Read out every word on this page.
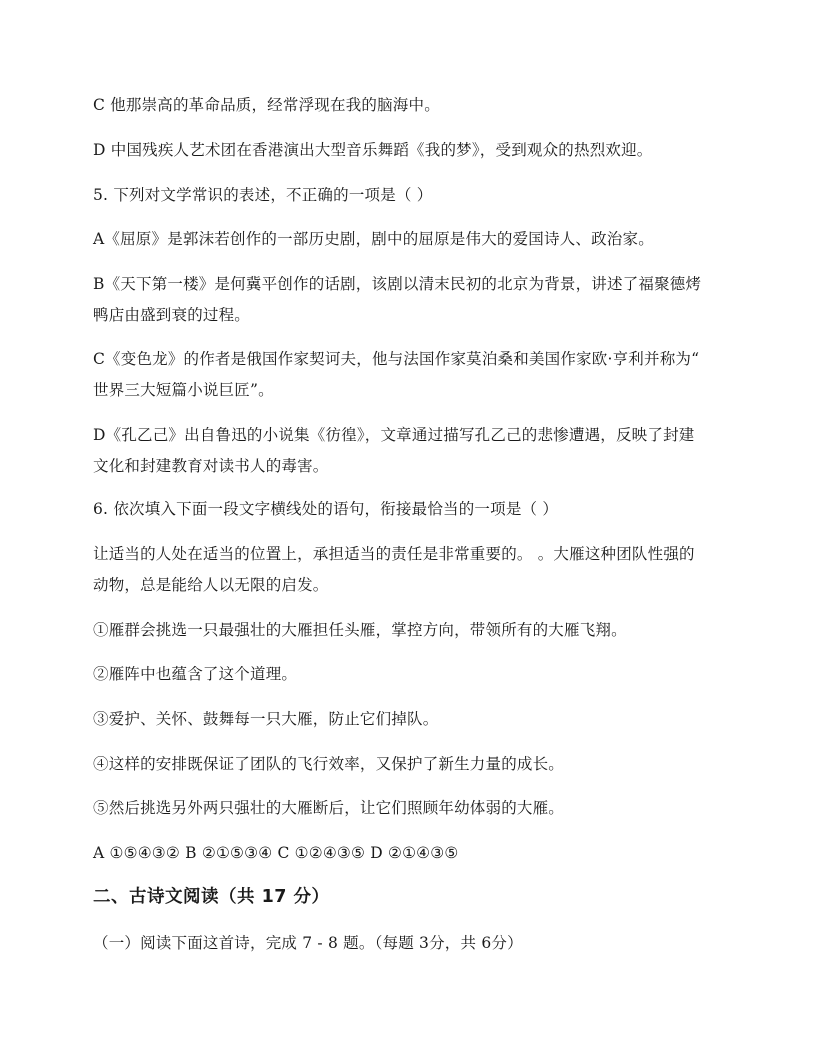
C 他那崇高的革命品质，经常浮现在我的脑海中。
D 中国残疾人艺术团在香港演出大型音乐舞蹈《我的梦》，受到观众的热烈欢迎。
5. 下列对文学常识的表述，不正确的一项是（ ）
A《屈原》是郭沫若创作的一部历史剧，剧中的屈原是伟大的爱国诗人、政治家。
B《天下第一楼》是何冀平创作的话剧，该剧以清末民初的北京为背景，讲述了福聚德烤
鸭店由盛到衰的过程。
C《变色龙》的作者是俄国作家契诃夫，他与法国作家莫泊桑和美国作家欧·亨利并称为“
世界三大短篇小说巨匠”。
D《孔乙己》出自鲁迅的小说集《彷徨》，文章通过描写孔乙己的悲惨遭遇，反映了封建
文化和封建教育对读书人的毒害。
6. 依次填入下面一段文字横线处的语句，衔接最恰当的一项是（ ）
让适当的人处在适当的位置上，承担适当的责任是非常重要的。 。大雁这种团队性强的
动物，总是能给人以无限的启发。
①雁群会挑选一只最强壮的大雁担任头雁，掌控方向，带领所有的大雁飞翔。
②雁阵中也蕴含了这个道理。
③爱护、关怀、鼓舞每一只大雁，防止它们掉队。
④这样的安排既保证了团队的飞行效率，又保护了新生力量的成长。
⑤然后挑选另外两只强壮的大雁断后，让它们照顾年幼体弱的大雁。
A ①⑤④③② B ②①⑤③④ C ①②④③⑤ D ②①④③⑤
二、古诗文阅读（共 17 分）
（一）阅读下面这首诗，完成 7 - 8 题。（每题 3分，共 6分）
